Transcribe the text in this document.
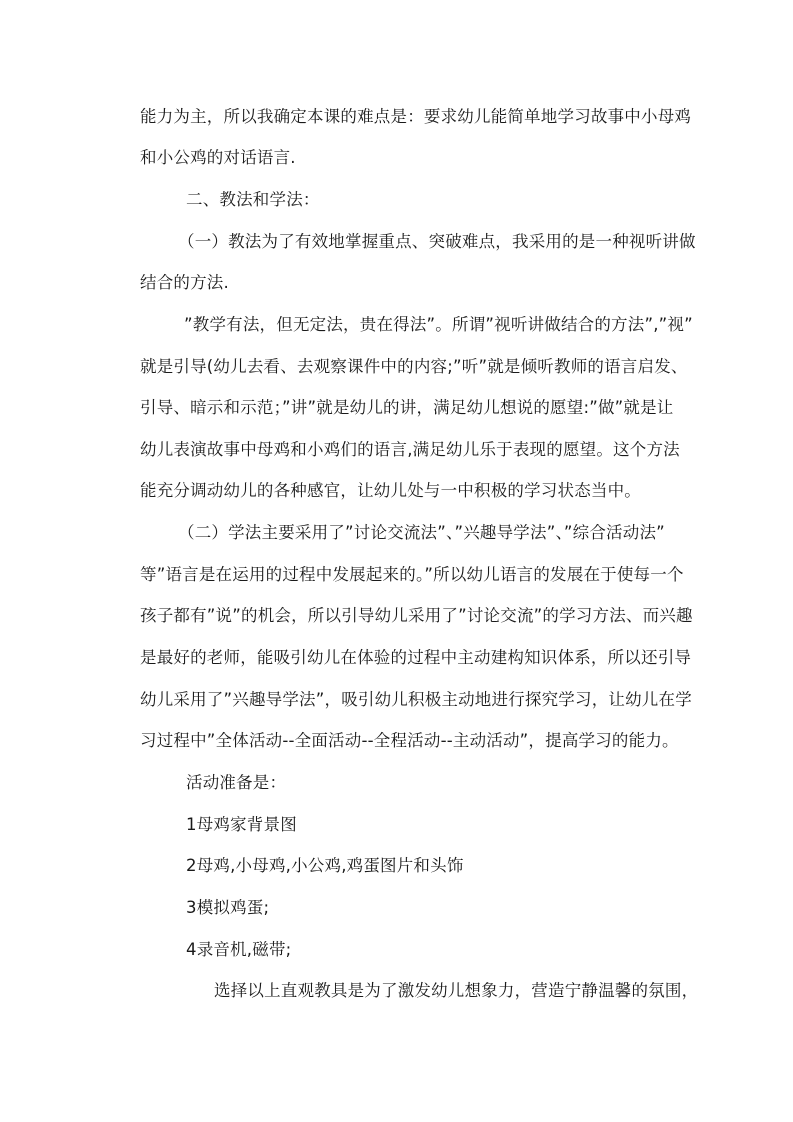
能力为主，所以我确定本课的难点是：要求幼儿能简单地学习故事中小母鸡
和小公鸡的对话语言.
二、教法和学法：
（一）教法为了有效地掌握重点、突破难点，我采用的是一种视听讲做
结合的方法.
”教学有法，但无定法，贵在得法”。所谓”视听讲做结合的方法”,”视”
就是引导(幼儿去看、去观察课件中的内容;”听”就是倾听教师的语言启发、
引导、暗示和示范；”讲”就是幼儿的讲，满足幼儿想说的愿望:”做”就是让
幼儿表演故事中母鸡和小鸡们的语言,满足幼儿乐于表现的愿望。这个方法
能充分调动幼儿的各种感官，让幼儿处与一中积极的学习状态当中。
（二）学法主要采用了”讨论交流法”、”兴趣导学法”、”综合活动法”
等”语言是在运用的过程中发展起来的。”所以幼儿语言的发展在于使每一个
孩子都有”说”的机会，所以引导幼儿采用了”讨论交流”的学习方法、而兴趣
是最好的老师，能吸引幼儿在体验的过程中主动建构知识体系，所以还引导
幼儿采用了”兴趣导学法”，吸引幼儿积极主动地进行探究学习，让幼儿在学
习过程中”全体活动--全面活动--全程活动--主动活动”，提高学习的能力。
活动准备是：
1母鸡家背景图
2母鸡,小母鸡,小公鸡,鸡蛋图片和头饰
3模拟鸡蛋;
4录音机,磁带;
选择以上直观教具是为了激发幼儿想象力，营造宁静温馨的氛围，
